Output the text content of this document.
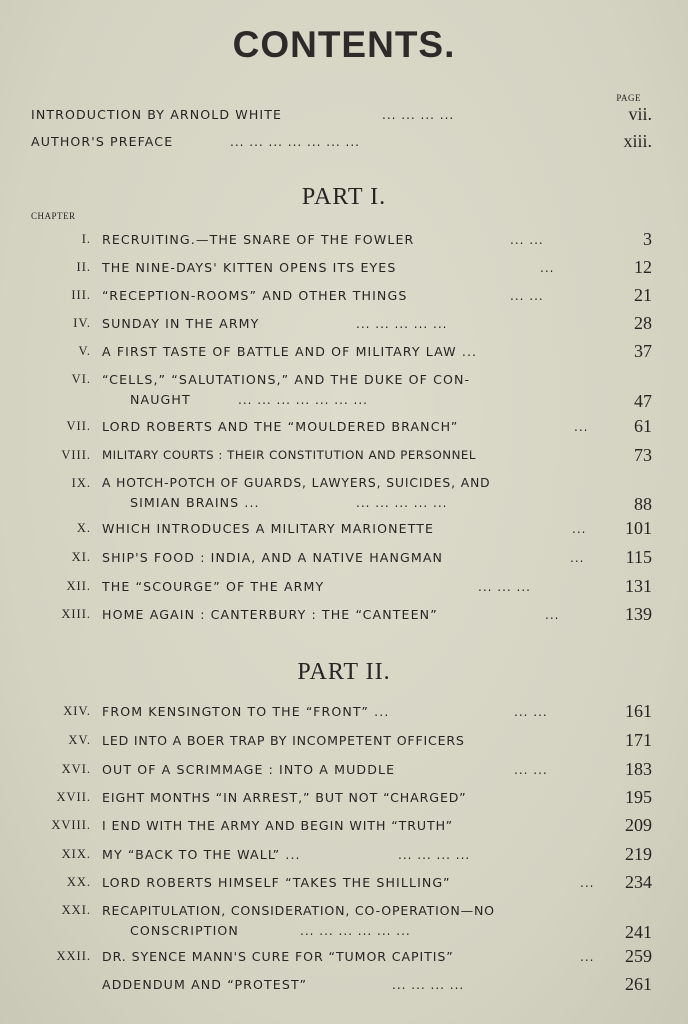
CONTENTS.
PAGE
INTRODUCTION BY ARNOLD WHITE	... ... ... ...	vii.
AUTHOR'S PREFACE	... ... ... ... ... ... ...	xiii.
PART I.
CHAPTER
I. RECRUITING.—THE SNARE OF THE FOWLER	... ...	3
II. THE NINE-DAYS' KITTEN OPENS ITS EYES	...	12
III. “RECEPTION-ROOMS” AND OTHER THINGS	... ...	21
IV. SUNDAY IN THE ARMY	... ... ... ... ...	28
V. A FIRST TASTE OF BATTLE AND OF MILITARY LAW ...	37
VI. “CELLS,” “SALUTATIONS,” AND THE DUKE OF CON-
NAUGHT	... ... ... ... ... ... ...	47
VII. LORD ROBERTS AND THE “MOULDERED BRANCH”	...	61
VIII. MILITARY COURTS : THEIR CONSTITUTION AND PERSONNEL	73
IX. A HOTCH-POTCH OF GUARDS, LAWYERS, SUICIDES, AND
SIMIAN BRAINS ...	... ... ... ... ...	88
X. WHICH INTRODUCES A MILITARY MARIONETTE	... 101
XI. SHIP'S FOOD : INDIA, AND A NATIVE HANGMAN	... 115
XII. THE “SCOURGE” OF THE ARMY	... ... ...	131
XIII. HOME AGAIN : CANTERBURY : THE “CANTEEN”	...	139
PART II.
XIV. FROM KENSINGTON TO THE “FRONT” ...	... ...	161
XV. LED INTO A BOER TRAP BY INCOMPETENT OFFICERS	171
XVI. OUT OF A SCRIMMAGE : INTO A MUDDLE	... ...	183
XVII. EIGHT MONTHS “IN ARREST,” BUT NOT “CHARGED”	195
XVIII. I END WITH THE ARMY AND BEGIN WITH “TRUTH”	209
XIX. MY “BACK TO THE WALL” ...	... ... ... ...	219
XX. LORD ROBERTS HIMSELF “TAKES THE SHILLING”	... 234
XXI. RECAPITULATION, CONSIDERATION, CO-OPERATION—NO
CONSCRIPTION	... ... ... ... ... ...	241
XXII. DR. SYENCE MANN'S CURE FOR “TUMOR CAPITIS”	... 259
ADDENDUM AND “PROTEST”	... ... ... ...	261
